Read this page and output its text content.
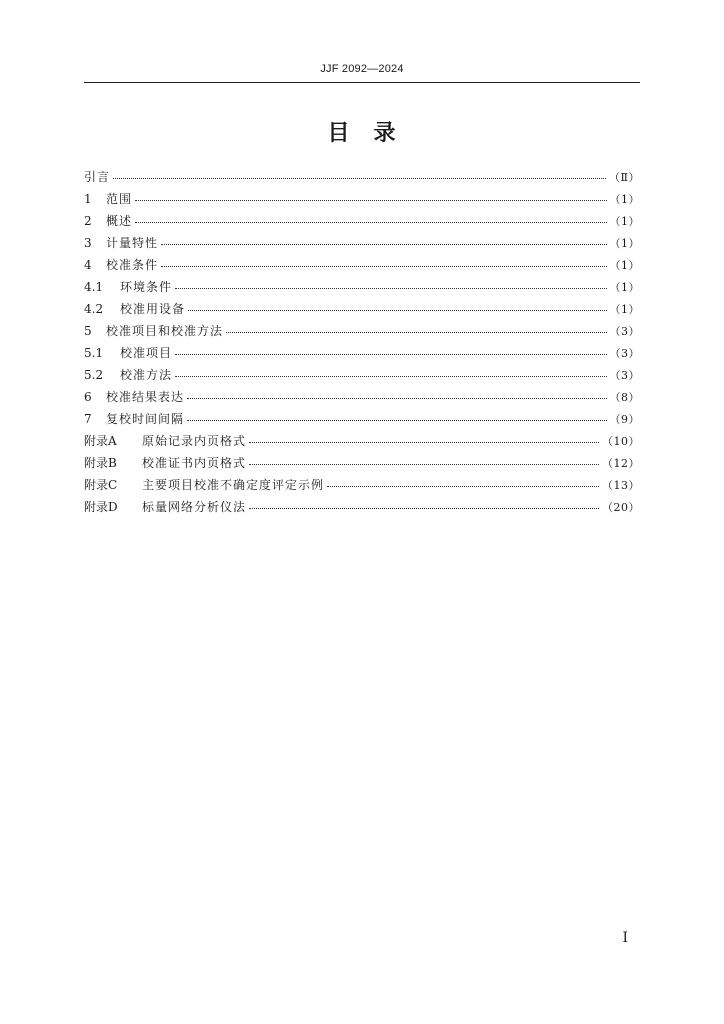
JJF 2092—2024
目　录
引言	（Ⅱ）
1	范围	（1）
2	概述	（1）
3	计量特性	（1）
4	校准条件	（1）
4.1	环境条件	（1）
4.2	校准用设备	（1）
5	校准项目和校准方法	（3）
5.1	校准项目	（3）
5.2	校准方法	（3）
6	校准结果表达	（8）
7	复校时间间隔	（9）
附录A	原始记录内页格式	（10）
附录B	校准证书内页格式	（12）
附录C	主要项目校准不确定度评定示例	（13）
附录D	标量网络分析仪法	（20）
I
